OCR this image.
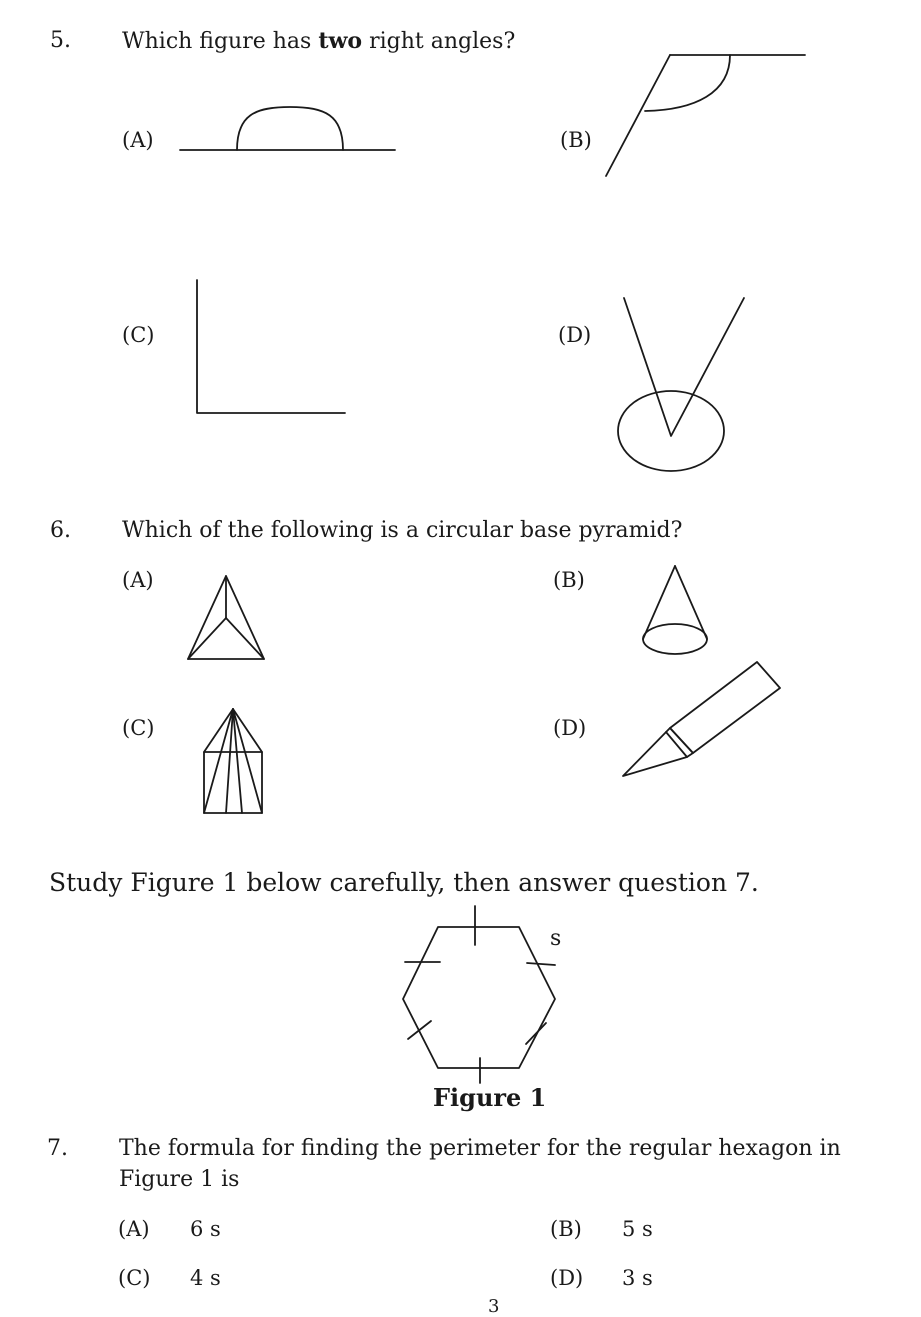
5. Which figure has two right angles?
(A)	(B)
(C)	(D)
6. Which of the following is a circular base pyramid?
(A)	(B)
(C)	(D)
Study Figure 1 below carefully, then answer question 7.
s
Figure 1
7. The formula for finding the perimeter for the regular hexagon in
Figure 1 is
(A) 6 s	(B) 5 s
(C) 4 s	(D) 3 s
3
